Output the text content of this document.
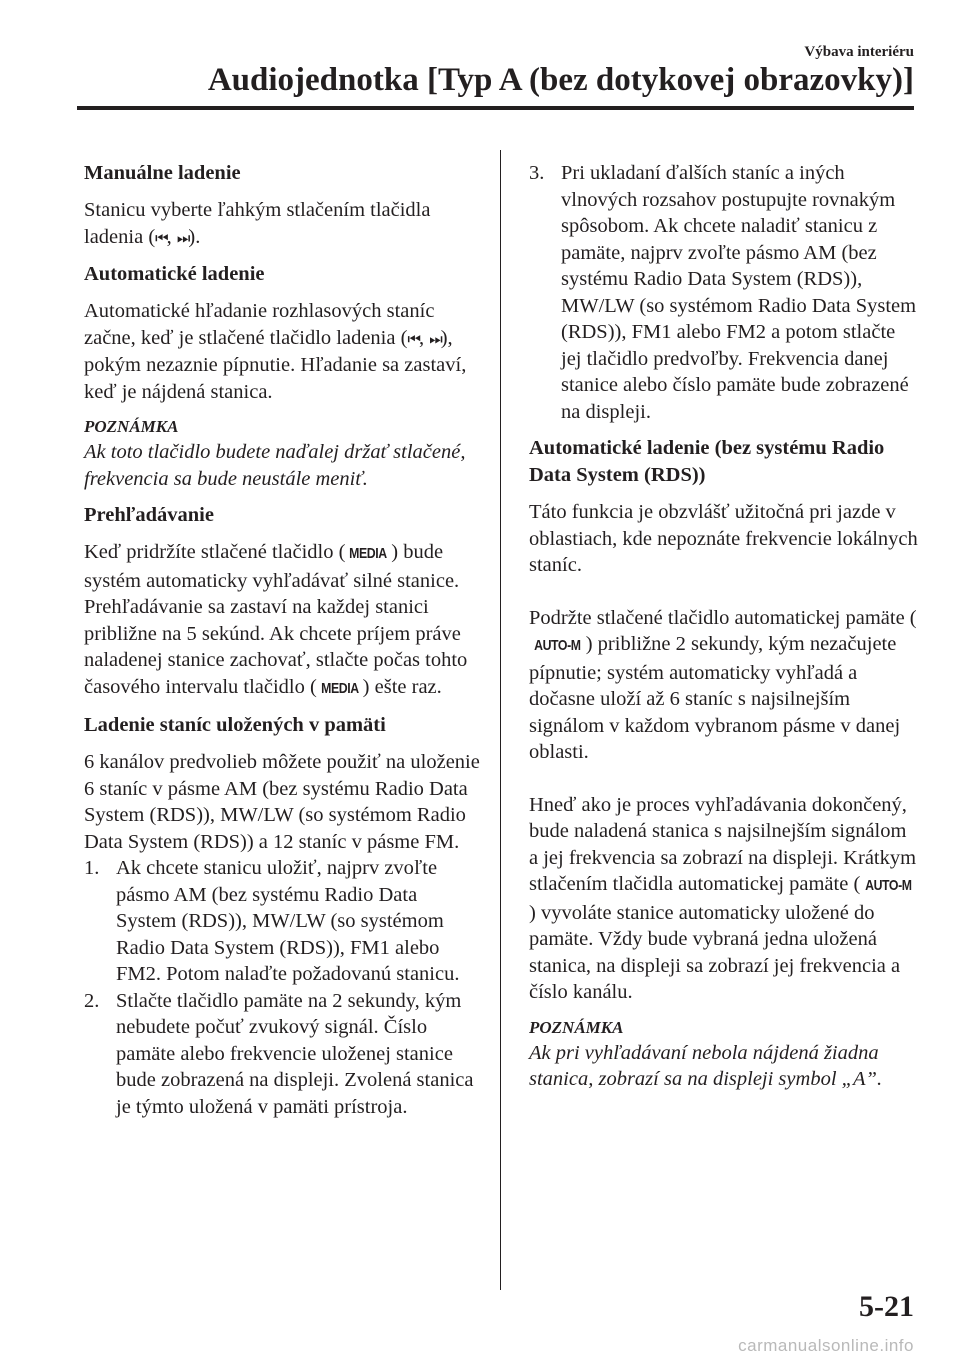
Výbava interiéru
Audiojednotka [Typ A (bez dotykovej obrazovky)]
Manuálne ladenie

Stanicu vyberte ľahkým stlačením tlačidla ladenia (⏮, ⏭).

Automatické ladenie

Automatické hľadanie rozhlasových staníc začne, keď je stlačené tlačidlo ladenia (⏮, ⏭), pokým nezaznie pípnutie. Hľadanie sa zastaví, keď je nájdená stanica.

POZNÁMKA

Ak toto tlačidlo budete naďalej držať stlačené, frekvencia sa bude neustále meniť.

Prehľadávanie

Keď pridržíte stlačené tlačidlo ( MEDIA ) bude systém automaticky vyhľadávať silné stanice. Prehľadávanie sa zastaví na každej stanici približne na 5 sekúnd. Ak chcete príjem práve naladenej stanice zachovať, stlačte počas tohto časového intervalu tlačidlo ( MEDIA ) ešte raz.

Ladenie staníc uložených v pamäti

6 kanálov predvolieb môžete použiť na uloženie 6 staníc v pásme AM (bez systému Radio Data System (RDS)), MW/LW (so systémom Radio Data System (RDS)) a 12 staníc v pásme FM.

1. Ak chcete stanicu uložiť, najprv zvoľte pásmo AM (bez systému Radio Data System (RDS)), MW/LW (so systémom Radio Data System (RDS)), FM1 alebo FM2. Potom nalaďte požadovanú stanicu.
2. Stlačte tlačidlo pamäte na 2 sekundy, kým nebudete počuť zvukový signál. Číslo pamäte alebo frekvencie uloženej stanice bude zobrazená na displeji. Zvolená stanica je týmto uložená v pamäti prístroja.
3. Pri ukladaní ďalších staníc a iných vlnových rozsahov postupujte rovnakým spôsobom. Ak chcete naladiť stanicu z pamäte, najprv zvoľte pásmo AM (bez systému Radio Data System (RDS)), MW/LW (so systémom Radio Data System (RDS)), FM1 alebo FM2 a potom stlačte jej tlačidlo predvoľby. Frekvencia danej stanice alebo číslo pamäte bude zobrazené na displeji.
Automatické ladenie (bez systému Radio Data System (RDS))

Táto funkcia je obzvlášť užitočná pri jazde v oblastiach, kde nepoznáte frekvencie lokálnych staníc.

Podržte stlačené tlačidlo automatickej pamäte (AUTO-M ) približne 2 sekundy, kým nezačujete pípnutie; systém automaticky vyhľadá a dočasne uloží až 6 staníc s najsilnejším signálom v každom vybranom pásme v danej oblasti.

Hneď ako je proces vyhľadávania dokončený, bude naladená stanica s najsilnejším signálom a jej frekvencia sa zobrazí na displeji. Krátkym stlačením tlačidla automatickej pamäte ( AUTO-M) vyvoláte stanice automaticky uložené do pamäte. Vždy bude vybraná jedna uložená stanica, na displeji sa zobrazí jej frekvencia a číslo kanálu.

POZNÁMKA

Ak pri vyhľadávaní nebola nájdená žiadna stanica, zobrazí sa na displeji symbol „A”.

5-21
carmanualsonline.info
